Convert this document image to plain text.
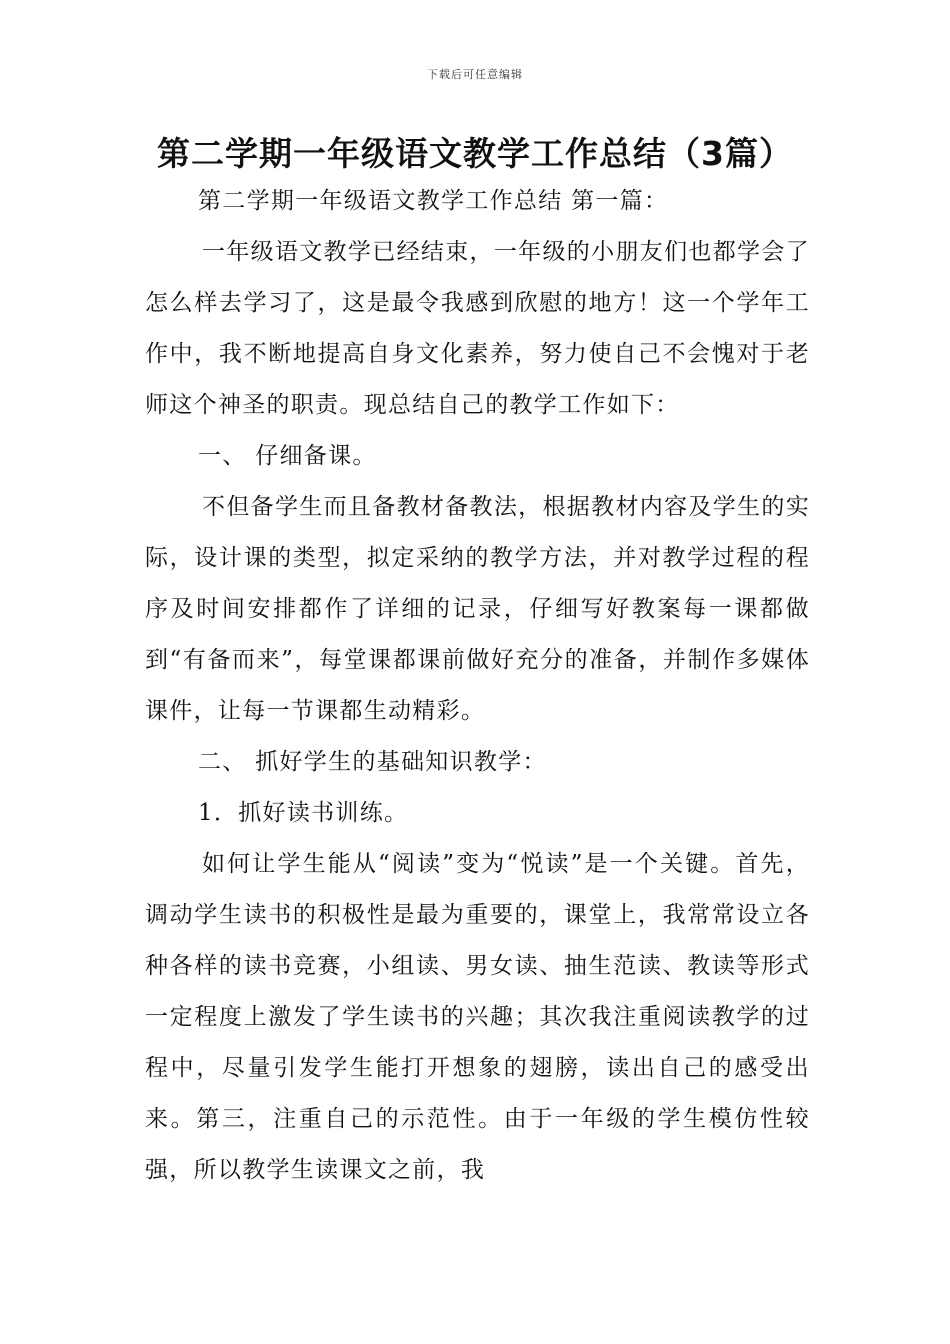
下载后可任意编辑
第二学期一年级语文教学工作总结（3篇）

第二学期一年级语文教学工作总结 第一篇：

一年级语文教学已经结束，一年级的小朋友们也都学会了怎么样去学习了，这是最令我感到欣慰的地方！这一个学年工作中，我不断地提高自身文化素养，努力使自己不会愧对于老师这个神圣的职责。现总结自己的教学工作如下：

一、 仔细备课。

不但备学生而且备教材备教法，根据教材内容及学生的实际，设计课的类型，拟定采纳的教学方法，并对教学过程的程序及时间安排都作了详细的记录，仔细写好教案每一课都做到“有备而来”，每堂课都课前做好充分的准备，并制作多媒体课件，让每一节课都生动精彩。

二、 抓好学生的基础知识教学：

1．抓好读书训练。

如何让学生能从“阅读”变为“悦读”是一个关键。首先，调动学生读书的积极性是最为重要的，课堂上，我常常设立各种各样的读书竞赛，小组读、男女读、抽生范读、教读等形式一定程度上激发了学生读书的兴趣；其次我注重阅读教学的过程中，尽量引发学生能打开想象的翅膀，读出自己的感受出来。第三，注重自己的示范性。由于一年级的学生模仿性较强，所以教学生读课文之前，我
